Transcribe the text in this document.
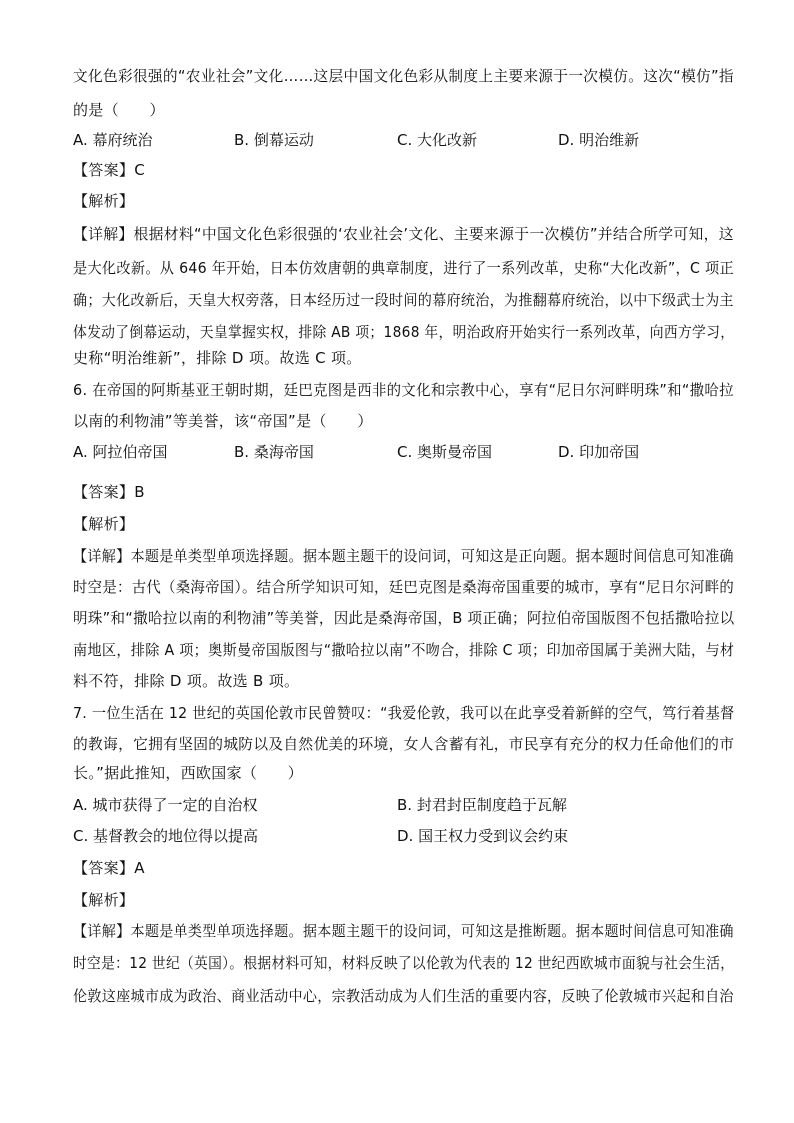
文化色彩很强的“农业社会”文化……这层中国文化色彩从制度上主要来源于一次模仿。这次“模仿”指
的是（　　）
A. 幕府统治	B. 倒幕运动	C. 大化改新	D. 明治维新
【答案】C
【解析】
【详解】根据材料“中国文化色彩很强的‘农业社会’文化、主要来源于一次模仿”并结合所学可知，这
是大化改新。从 646 年开始，日本仿效唐朝的典章制度，进行了一系列改革，史称“大化改新”，C 项正
确；大化改新后，天皇大权旁落，日本经历过一段时间的幕府统治，为推翻幕府统治，以中下级武士为主
体发动了倒幕运动，天皇掌握实权，排除 AB 项；1868 年，明治政府开始实行一系列改革，向西方学习，
史称“明治维新”，排除 D 项。故选 C 项。
6. 在帝国的阿斯基亚王朝时期，廷巴克图是西非的文化和宗教中心，享有“尼日尔河畔明珠”和“撒哈拉
以南的利物浦”等美誉，该“帝国”是（　　）
A. 阿拉伯帝国	B. 桑海帝国	C. 奥斯曼帝国	D. 印加帝国
【答案】B
【解析】
【详解】本题是单类型单项选择题。据本题主题干的设问词，可知这是正向题。据本题时间信息可知准确
时空是：古代（桑海帝国）。结合所学知识可知，廷巴克图是桑海帝国重要的城市，享有“尼日尔河畔的
明珠”和“撒哈拉以南的利物浦”等美誉，因此是桑海帝国，B 项正确；阿拉伯帝国版图不包括撒哈拉以
南地区，排除 A 项；奥斯曼帝国版图与“撒哈拉以南”不吻合，排除 C 项；印加帝国属于美洲大陆，与材
料不符，排除 D 项。故选 B 项。
7. 一位生活在 12 世纪的英国伦敦市民曾赞叹：“我爱伦敦，我可以在此享受着新鲜的空气，笃行着基督
的教诲，它拥有坚固的城防以及自然优美的环境，女人含蓄有礼，市民享有充分的权力任命他们的市
长。”据此推知，西欧国家（　　）
A. 城市获得了一定的自治权	B. 封君封臣制度趋于瓦解
C. 基督教会的地位得以提高	D. 国王权力受到议会约束
【答案】A
【解析】
【详解】本题是单类型单项选择题。据本题主题干的设问词，可知这是推断题。据本题时间信息可知准确
时空是：12 世纪（英国）。根据材料可知，材料反映了以伦敦为代表的 12 世纪西欧城市面貌与社会生活，
伦敦这座城市成为政治、商业活动中心，宗教活动成为人们生活的重要内容，反映了伦敦城市兴起和自治
